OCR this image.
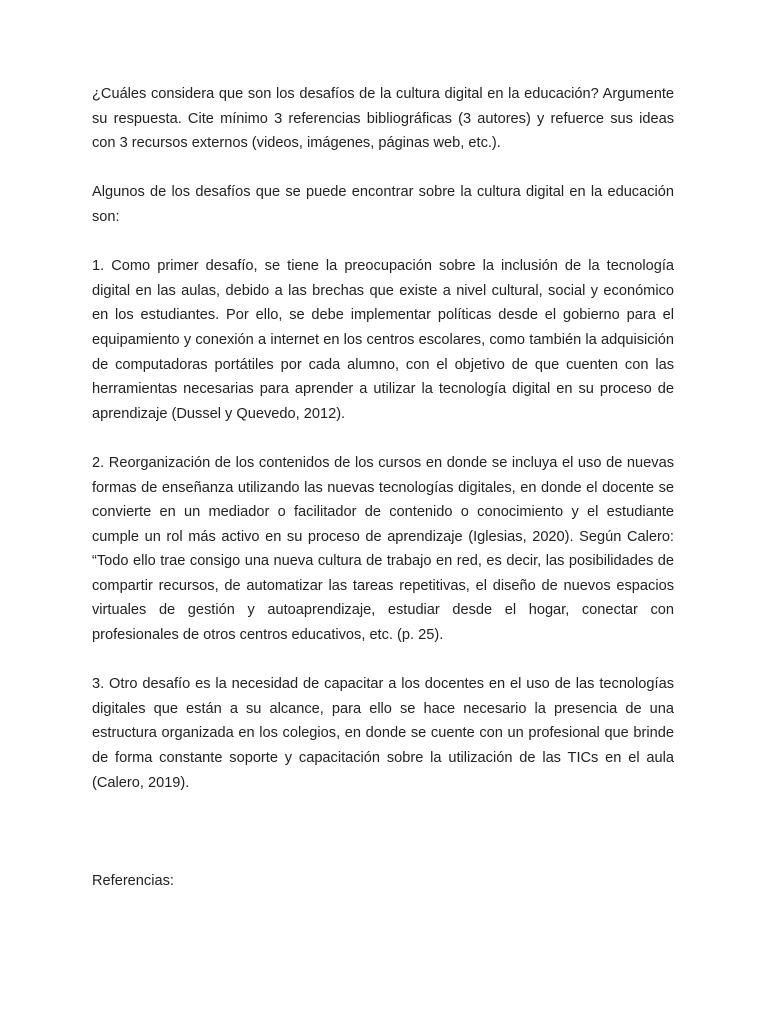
¿Cuáles considera que son los desafíos de la cultura digital en la educación? Argumente su respuesta. Cite mínimo 3 referencias bibliográficas (3 autores) y refuerce sus ideas con 3 recursos externos (videos, imágenes, páginas web, etc.).

Algunos de los desafíos que se puede encontrar sobre la cultura digital en la educación son:

1. Como primer desafío, se tiene la preocupación sobre la inclusión de la tecnología digital en las aulas, debido a las brechas que existe a nivel cultural, social y económico en los estudiantes. Por ello, se debe implementar políticas desde el gobierno para el equipamiento y conexión a internet en los centros escolares, como también la adquisición de computadoras portátiles por cada alumno, con el objetivo de que cuenten con las herramientas necesarias para aprender a utilizar la tecnología digital en su proceso de aprendizaje (Dussel y Quevedo, 2012).

2. Reorganización de los contenidos de los cursos en donde se incluya el uso de nuevas formas de enseñanza utilizando las nuevas tecnologías digitales, en donde el docente se convierte en un mediador o facilitador de contenido o conocimiento y el estudiante cumple un rol más activo en su proceso de aprendizaje (Iglesias, 2020). Según Calero: “Todo ello trae consigo una nueva cultura de trabajo en red, es decir, las posibilidades de compartir recursos, de automatizar las tareas repetitivas, el diseño de nuevos espacios virtuales de gestión y autoaprendizaje, estudiar desde el hogar, conectar con profesionales de otros centros educativos, etc. (p. 25).

3. Otro desafío es la necesidad de capacitar a los docentes en el uso de las tecnologías digitales que están a su alcance, para ello se hace necesario la presencia de una estructura organizada en los colegios, en donde se cuente con un profesional que brinde de forma constante soporte y capacitación sobre la utilización de las TICs en el aula (Calero, 2019).

Referencias:
